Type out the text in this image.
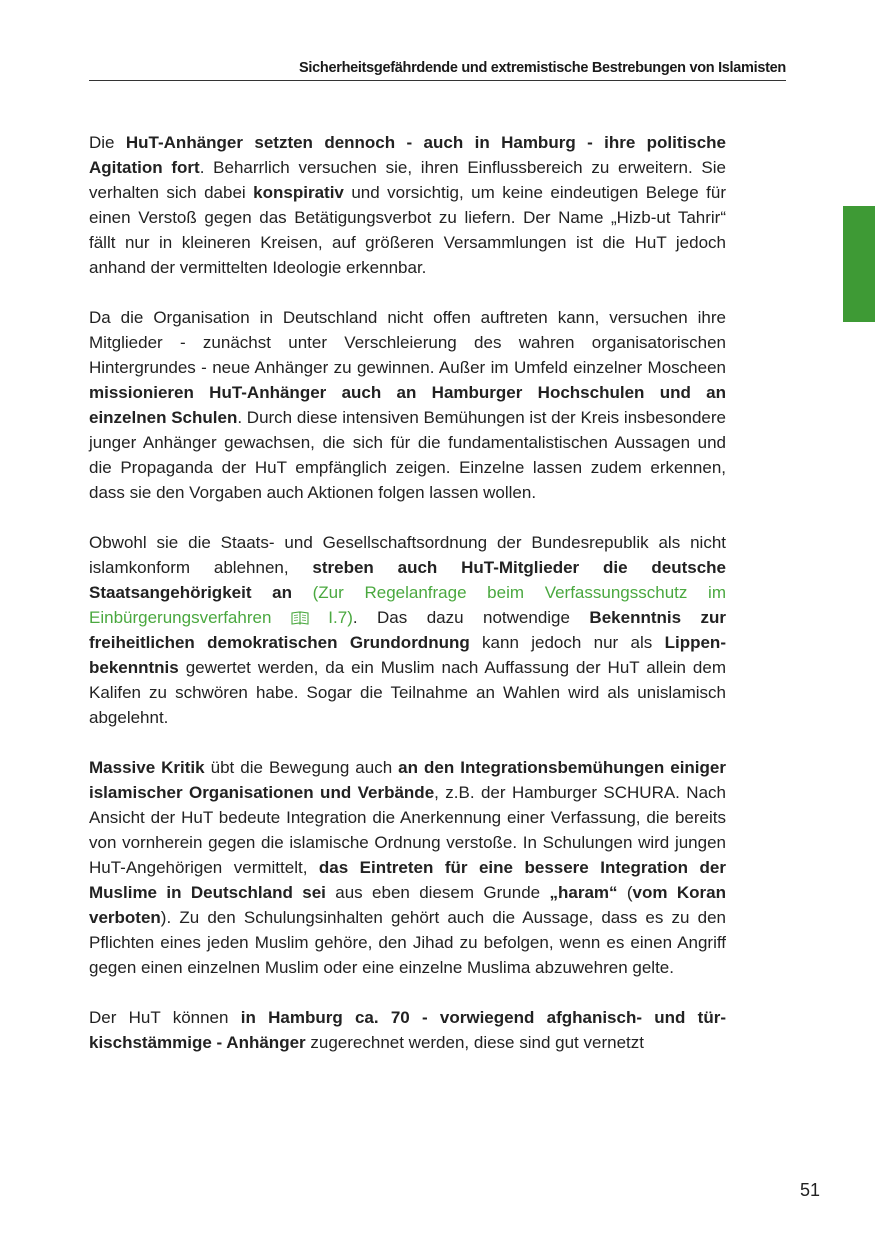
Sicherheitsgefährdende und extremistische Bestrebungen von Islamisten

Die HuT-Anhänger setzten dennoch - auch in Hamburg - ihre politische Agitation fort. Beharrlich versuchen sie, ihren Einflussbereich zu erweitern. Sie verhalten sich dabei konspirativ und vorsichtig, um keine eindeutigen Belege für einen Verstoß gegen das Betätigungsverbot zu liefern. Der Name „Hizb-ut Tahrir“ fällt nur in kleineren Kreisen, auf größeren Versammlungen ist die HuT jedoch anhand der vermittelten Ideologie erkennbar.

Da die Organisation in Deutschland nicht offen auftreten kann, versuchen ihre Mitglieder - zunächst unter Verschleierung des wahren organisatorischen Hintergrundes - neue Anhänger zu gewinnen. Außer im Umfeld einzelner Moscheen missionieren HuT-Anhänger auch an Hamburger Hochschulen und an einzelnen Schulen. Durch diese intensiven Bemühungen ist der Kreis insbesondere junger Anhänger gewachsen, die sich für die fundamentalistischen Aussagen und die Propaganda der HuT empfänglich zeigen. Einzelne lassen zudem erkennen, dass sie den Vorgaben auch Aktionen folgen lassen wollen.

Obwohl sie die Staats- und Gesellschaftsordnung der Bundesrepublik als nicht islamkonform ablehnen, streben auch HuT-Mitglieder die deutsche Staatsangehörigkeit an (Zur Regelanfrage beim Verfassungsschutz im Einbürgerungsverfahren  I.7). Das dazu notwendige Bekenntnis zur freiheitlichen demokratischen Grundordnung kann jedoch nur als Lippenbekenntnis gewertet werden, da ein Muslim nach Auffassung der HuT allein dem Kalifen zu schwören habe. Sogar die Teilnahme an Wahlen wird als unislamisch abgelehnt.

Massive Kritik übt die Bewegung auch an den Integrationsbemühungen einiger islamischer Organisationen und Verbände, z.B. der Hamburger SCHURA. Nach Ansicht der HuT bedeute Integration die Anerkennung einer Verfassung, die bereits von vornherein gegen die islamische Ordnung verstoße. In Schulungen wird jungen HuT-Angehörigen vermittelt, das Eintreten für eine bessere Integration der Muslime in Deutschland sei aus eben diesem Grunde „haram“ (vom Koran verboten). Zu den Schulungsinhalten gehört auch die Aussage, dass es zu den Pflichten eines jeden Muslim gehöre, den Jihad zu befolgen, wenn es einen Angriff gegen einen einzelnen Muslim oder eine einzelne Muslima abzuwehren gelte.

Der HuT können in Hamburg ca. 70 - vorwiegend afghanisch- und türkischstämmige - Anhänger zugerechnet werden, diese sind gut vernetzt

51
